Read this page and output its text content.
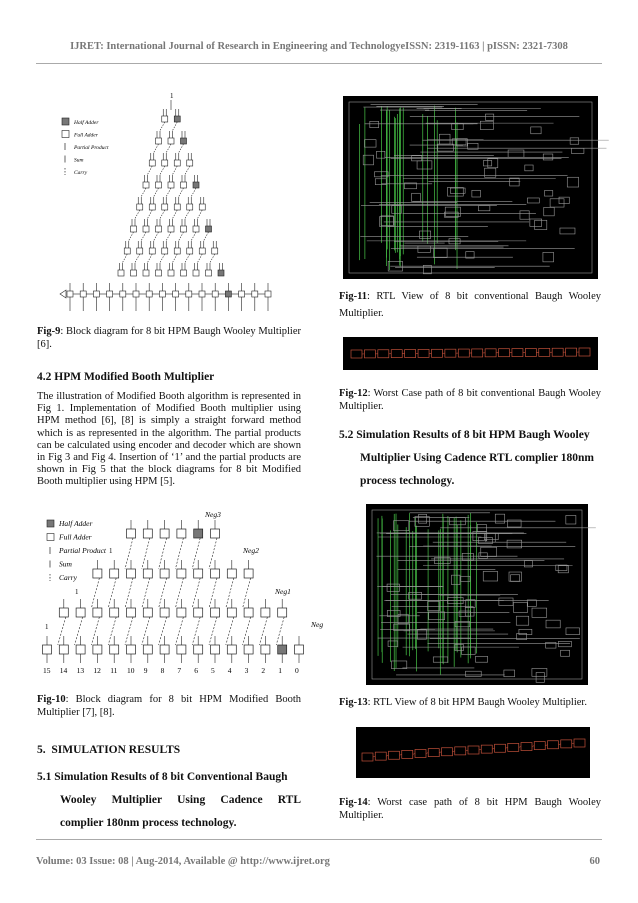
IJRET: International Journal of Research in Engineering and TechnologyeISSN: 2319-1163 | pISSN: 2321-7308
Half Adder
Full Adder
Partial Product
Sum
Carry
1
Fig-9: Block diagram for 8 bit HPM Baugh Wooley Multiplier [6].
4.2 HPM Modified Booth Multiplier
The illustration of Modified Booth algorithm is represented in Fig 1. Implementation of Modified Booth multiplier using HPM method [6], [8] is simply a straight forward method which is as represented in the algorithm. The partial products can be calculated using encoder and decoder which are shown in Fig 3 and Fig 4. Insertion of ‘1’ and the partial products are shown in Fig 5 that the block diagrams for 8 bit Modified Booth multiplier using HPM [5].
Half Adder
Full Adder
Partial Product
Sum
Carry
Neg3
Neg2
Neg1
Neg
1
1
1
15 14 13 12 11 10 9 8 7 6 5 4 3 2 1 0
Fig-10: Block diagram for 8 bit HPM Modified Booth Multiplier [7], [8].
5.  SIMULATION RESULTS
5.1 Simulation Results of 8 bit Conventional Baugh
Wooley Multiplier Using Cadence RTL
complier 180nm process technology.
Fig-11: RTL View of 8 bit conventional Baugh Wooley Multiplier.
Fig-12: Worst Case path of 8 bit conventional Baugh Wooley Multiplier.
5.2 Simulation Results of 8 bit HPM Baugh Wooley
Multiplier Using Cadence RTL complier 180nm
process technology.
Fig-13: RTL View of 8 bit HPM Baugh Wooley Multiplier.
Fig-14: Worst case path of 8 bit HPM Baugh Wooley Multiplier.
Volume: 03 Issue: 08 | Aug-2014, Available @ http://www.ijret.org	60
